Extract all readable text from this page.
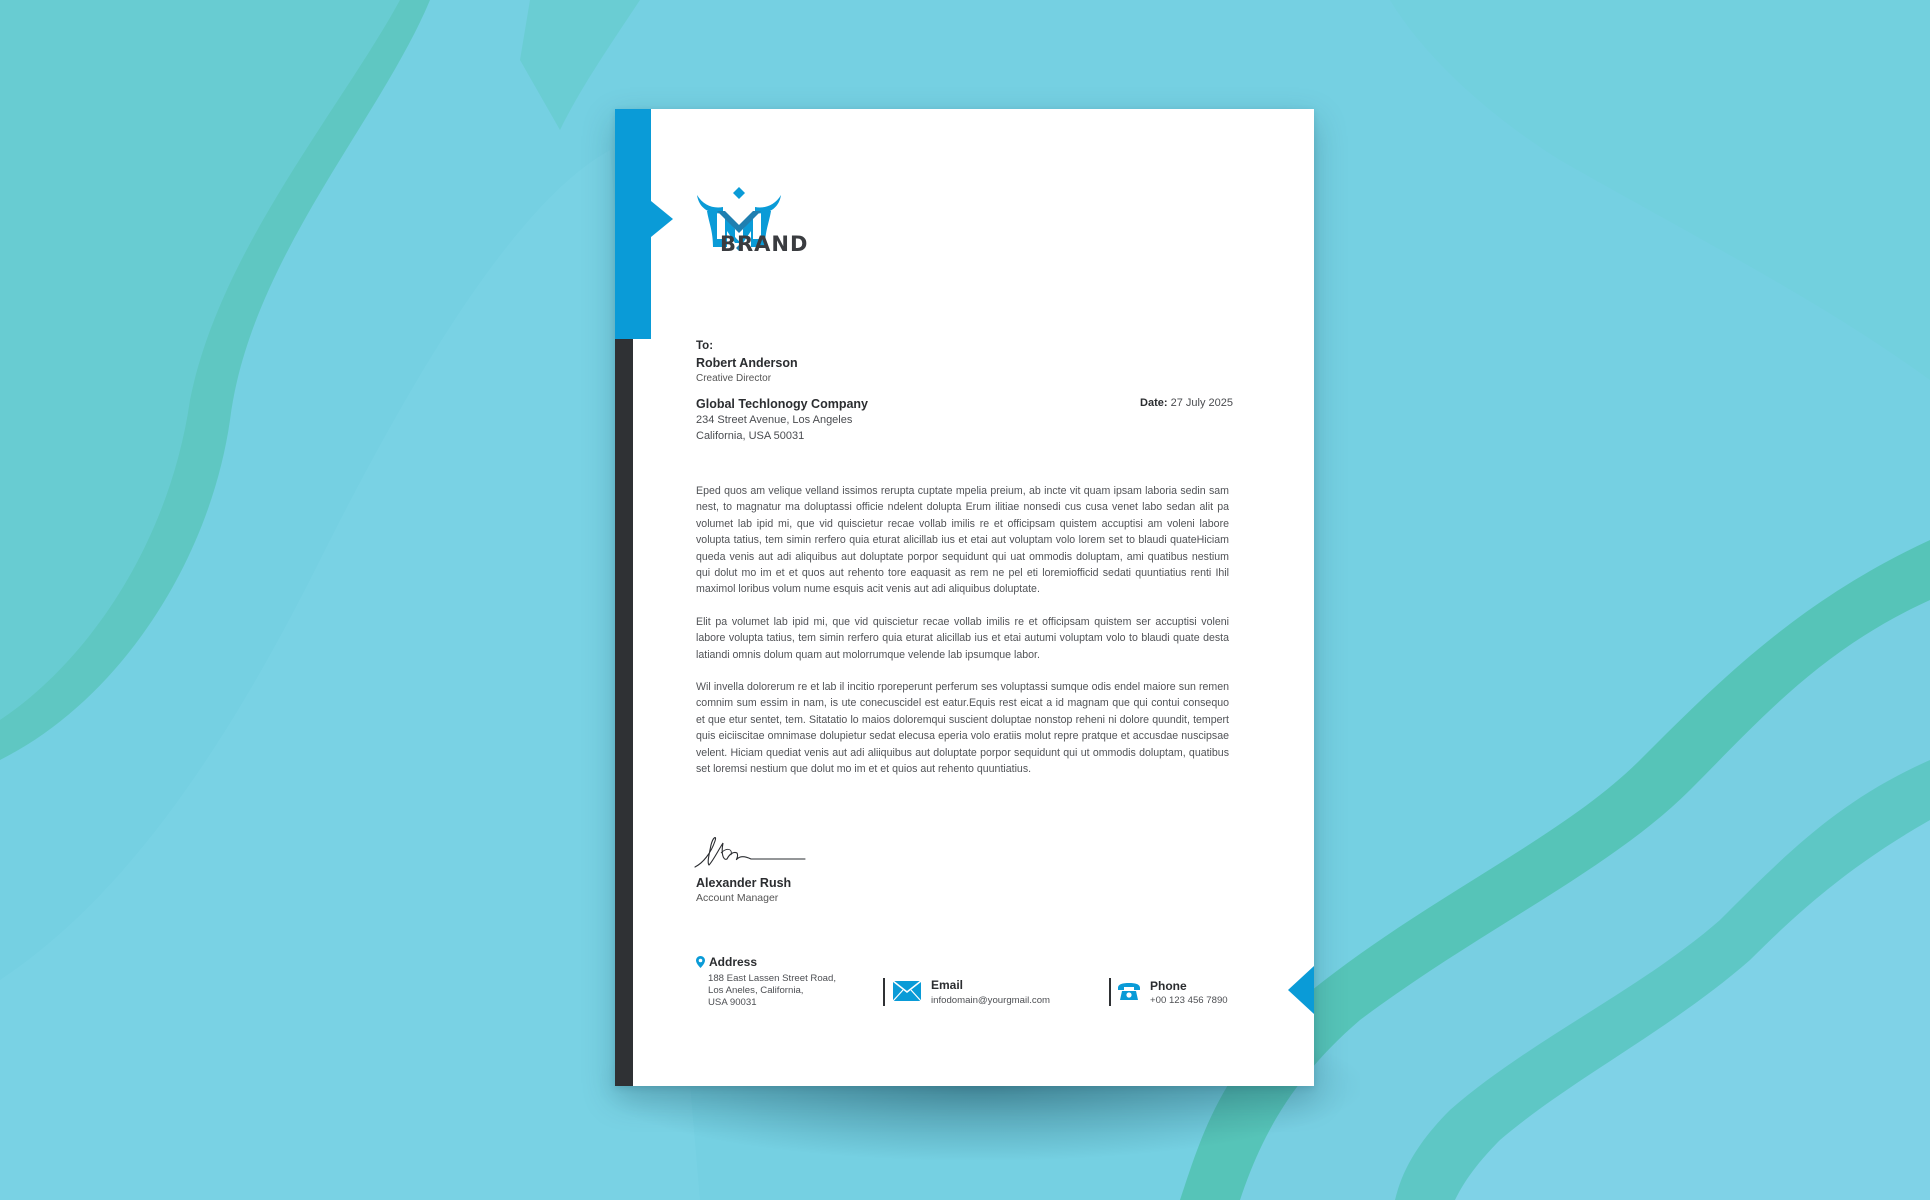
BRAND
To:
Robert Anderson
Creative Director
Global Techlonogy Company
234 Street Avenue, Los Angeles
California, USA 50031
Date: 27 July 2025

Eped quos am velique velland issimos rerupta cuptate mpelia preium, ab incte vit quam ipsam laboria sedin sam nest, to magnatur ma doluptassi officie ndelent dolupta Erum ilitiae nonsedi cus cusa venet labo sedan alit pa volumet lab ipid mi, que vid quiscietur recae vollab imilis re et officipsam quistem accuptisi am voleni labore volupta tatius, tem simin rerfero quia eturat alicillab ius et etai aut voluptam volo lorem set to blaudi quateHiciam queda venis aut adi aliquibus aut doluptate porpor sequidunt qui uat ommodis doluptam, ami quatibus nestium qui dolut mo im et et quos aut rehento tore eaquasit as rem ne pel eti loremiofficid sedati quuntiatius renti Ihil maximol loribus volum nume esquis acit venis aut adi aliquibus doluptate.

Elit pa volumet lab ipid mi, que vid quiscietur recae vollab imilis re et officipsam quistem ser accuptisi voleni labore volupta tatius, tem simin rerfero quia eturat alicillab ius et etai autumi voluptam volo to blaudi quate desta latiandi omnis dolum quam aut molorrumque velende lab ipsumque labor.

Wil invella dolorerum re et lab il incitio rporeperunt perferum ses voluptassi sumque odis endel maiore sun remen comnim sum essim in nam, is ute conecuscidel est eatur.Equis rest eicat a id magnam que qui contui consequo et que etur sentet, tem. Sitatatio lo maios doloremqui suscient doluptae nonstop reheni ni dolore quundit, tempert quis eiciiscitae omnimase dolupietur sedat elecusa eperia volo eratiis molut repre pratque et accusdae nuscipsae velent. Hiciam quediat venis aut adi aliiquibus aut doluptate porpor sequidunt qui ut ommodis doluptam, quatibus set loremsi nestium que dolut mo im et et quios aut rehento quuntiatius.

Alexander Rush
Account Manager
Address
188 East Lassen Street Road,
Los Aneles, California,
USA 90031
Email
infodomain@yourgmail.com
Phone
+00 123 456 7890
